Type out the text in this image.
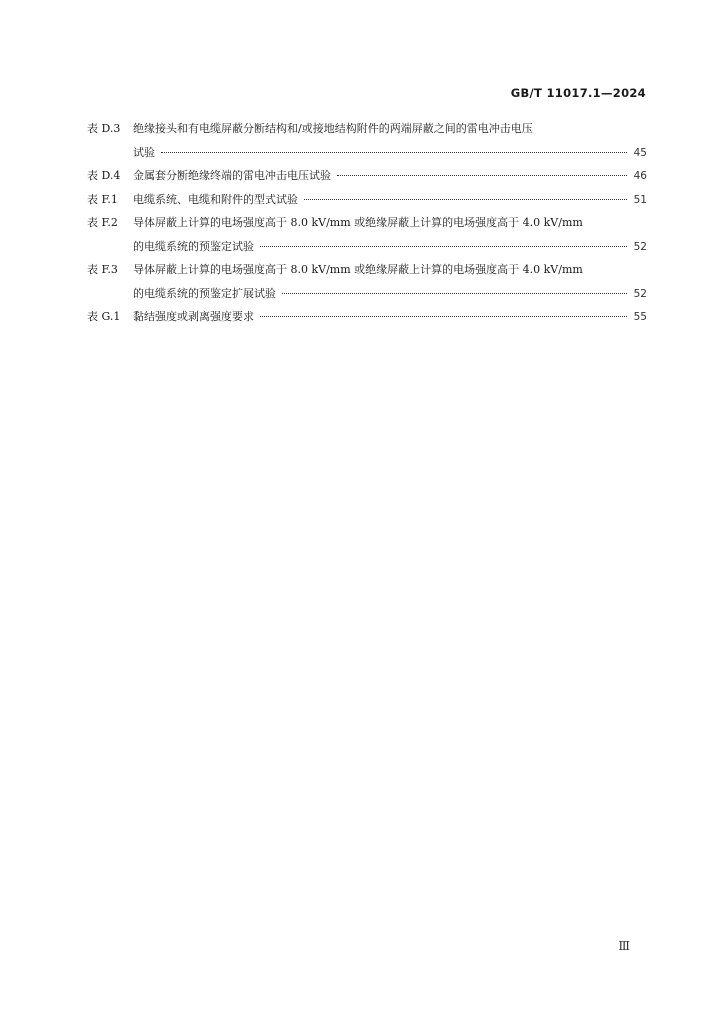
GB/T 11017.1—2024
表 D.3	绝缘接头和有电缆屏蔽分断结构和/或接地结构附件的两端屏蔽之间的雷电冲击电压
试验	45
表 D.4	金属套分断绝缘终端的雷电冲击电压试验	46
表 F.1	电缆系统、电缆和附件的型式试验	51
表 F.2	导体屏蔽上计算的电场强度高于 8.0 kV/mm 或绝缘屏蔽上计算的电场强度高于 4.0 kV/mm
的电缆系统的预鉴定试验	52
表 F.3	导体屏蔽上计算的电场强度高于 8.0 kV/mm 或绝缘屏蔽上计算的电场强度高于 4.0 kV/mm
的电缆系统的预鉴定扩展试验	52
表 G.1	黏结强度或剥离强度要求	55
Ⅲ
